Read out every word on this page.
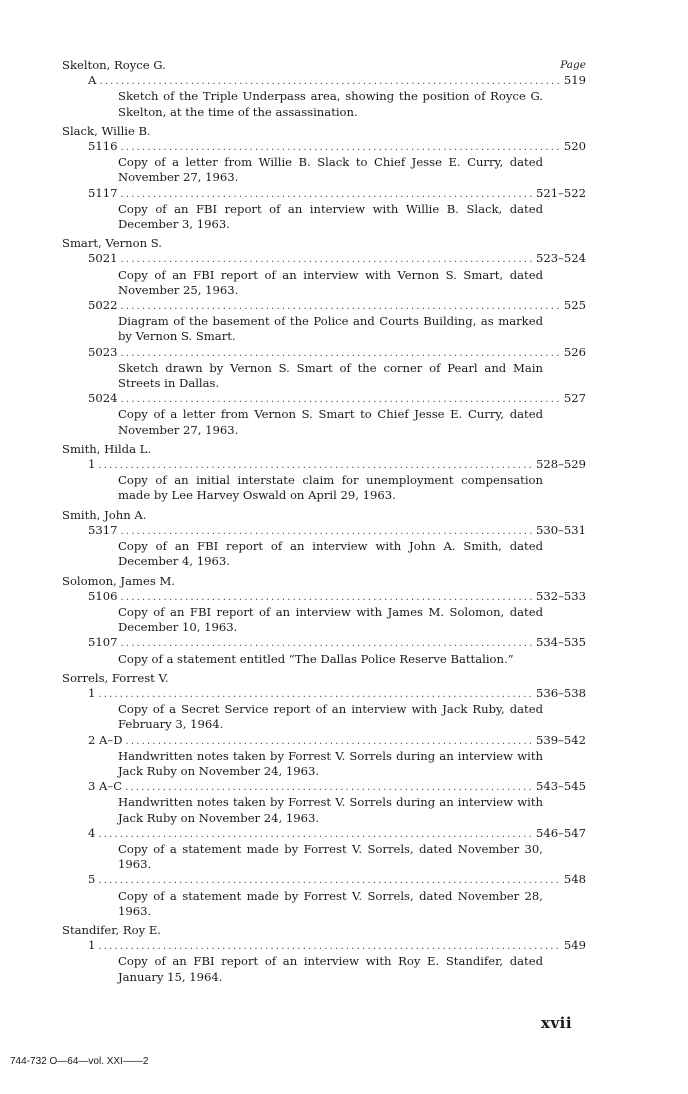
Page
Skelton, Royce G.
A .....	519
Sketch of the Triple Underpass area, showing the position of Royce G. Skelton, at the time of the assassination.
Slack, Willie B.
5116 .....	520
Copy of a letter from Willie B. Slack to Chief Jesse E. Curry, dated November 27, 1963.
5117 .....	521–522
Copy of an FBI report of an interview with Willie B. Slack, dated December 3, 1963.
Smart, Vernon S.
5021 .....	523–524
Copy of an FBI report of an interview with Vernon S. Smart, dated November 25, 1963.
5022 .....	525
Diagram of the basement of the Police and Courts Building, as marked by Vernon S. Smart.
5023 .....	526
Sketch drawn by Vernon S. Smart of the corner of Pearl and Main Streets in Dallas.
5024 .....	527
Copy of a letter from Vernon S. Smart to Chief Jesse E. Curry, dated November 27, 1963.
Smith, Hilda L.
1 .....	528–529
Copy of an initial interstate claim for unemployment compensation made by Lee Harvey Oswald on April 29, 1963.
Smith, John A.
5317 .....	530–531
Copy of an FBI report of an interview with John A. Smith, dated December 4, 1963.
Solomon, James M.
5106 .....	532–533
Copy of an FBI report of an interview with James M. Solomon, dated December 10, 1963.
5107 .....	534–535
Copy of a statement entitled “The Dallas Police Reserve Battalion.”
Sorrels, Forrest V.
1 .....	536–538
Copy of a Secret Service report of an interview with Jack Ruby, dated February 3, 1964.
2 A–D .....	539–542
Handwritten notes taken by Forrest V. Sorrels during an interview with Jack Ruby on November 24, 1963.
3 A–C .....	543–545
Handwritten notes taken by Forrest V. Sorrels during an interview with Jack Ruby on November 24, 1963.
4 .....	546–547
Copy of a statement made by Forrest V. Sorrels, dated November 30, 1963.
5 .....	548
Copy of a statement made by Forrest V. Sorrels, dated November 28, 1963.
Standifer, Roy E.
1 .....	549
Copy of an FBI report of an interview with Roy E. Standifer, dated January 15, 1964.
xvii
744-732 O—64—vol. XXI——2
